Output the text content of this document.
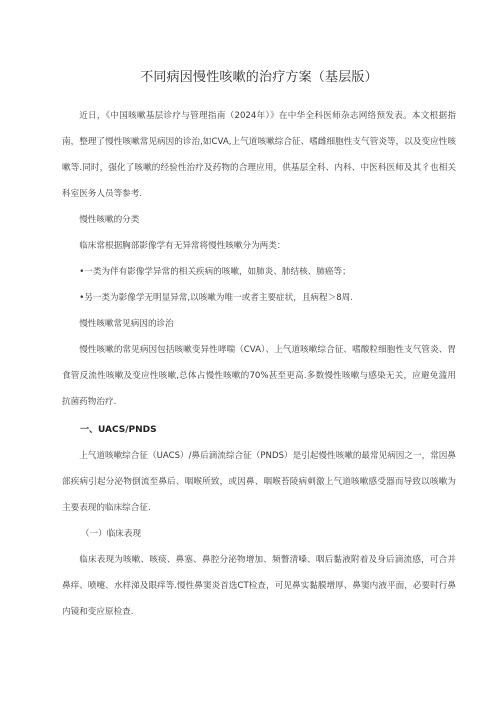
不同病因慢性咳嗽的治疗方案（基层版）

近日，《中国咳嗽基层诊疗与管理指南（2024年）》在中华全科医师杂志网络预发表。本文根据指南，整理了慢性咳嗽常见病因的诊治,如CVA,上气道咳嗽综合征、嗜雌细胞性支气管炎等，以及变应性咳嗽等.同时，强化了咳嗽的经验性治疗及药物的合理应用，供基层全科、内科、中医科医师及其彳也相关科室医务人员等参考.

慢性咳嗽的分类

临床常根据胸部影像学有无异常将慢性咳嗽分为两类：

•一类为伴有影像学异常的相关疾病的咳嗽，如肺炎、肺结核、肺癌等；

•另一类为影像学无明显异常,以咳嗽为唯一或者主要症状，且病程＞8周.

慢性咳嗽常见病因的诊治

慢性咳嗽的常见病因包括咳嗽变异性哮喘（CVA）、上气道咳嗽综合征、嗜酸粒细胞性支气管炎、胃食管反流性咳嗽及变应性咳嗽,总体占慢性咳嗽的70%甚至更高.多数慢性咳嗽与感染无关，应避免滥用抗菌药物治疗.

一、UACS/PNDS

上气道咳嗽综合征（UACS）/鼻后滴流综合征（PNDS）是引起慢性咳嗽的最常见病因之一，常因鼻部疾病引起分泌物倒流至鼻后、咽喉所致，或因鼻、咽喉苔陵病刺激上气道咳嗽感受器而导致以咳嗽为主要表现的临床综合征.

（一）临床表现

临床表现为咳嗽、咳痰、鼻塞、鼻腔分泌物增加、频瞥清嗓、咽后黏液附着及身后滴流感，可合并鼻痒、喷嚏、水样涕及眼痒等.慢性鼻窦炎首选CT检查，可见鼻实黏膜增厚、鼻窦内液平面，必要时行鼻内镜和变应原检查.
